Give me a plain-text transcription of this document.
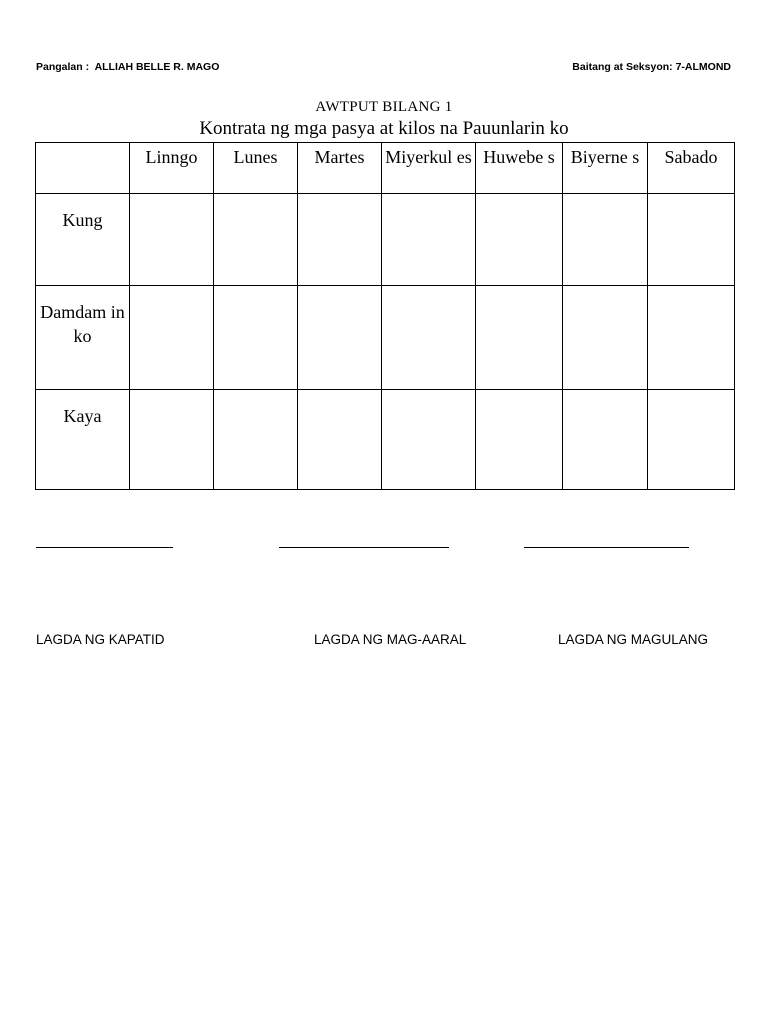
Pangalan : ALLIAH BELLE R. MAGO	Baitang at Seksyon: 7-ALMOND
AWTPUT BILANG 1
Kontrata ng mga pasya at kilos na Pauunlarin ko
	Linngo	Lunes	Martes	Miyerkul es	Huwebe s	Biyerne s	Sabado
Kung							
Damdam in ko							
Kaya							
LAGDA NG KAPATID	LAGDA NG MAG-AARAL	LAGDA NG MAGULANG
